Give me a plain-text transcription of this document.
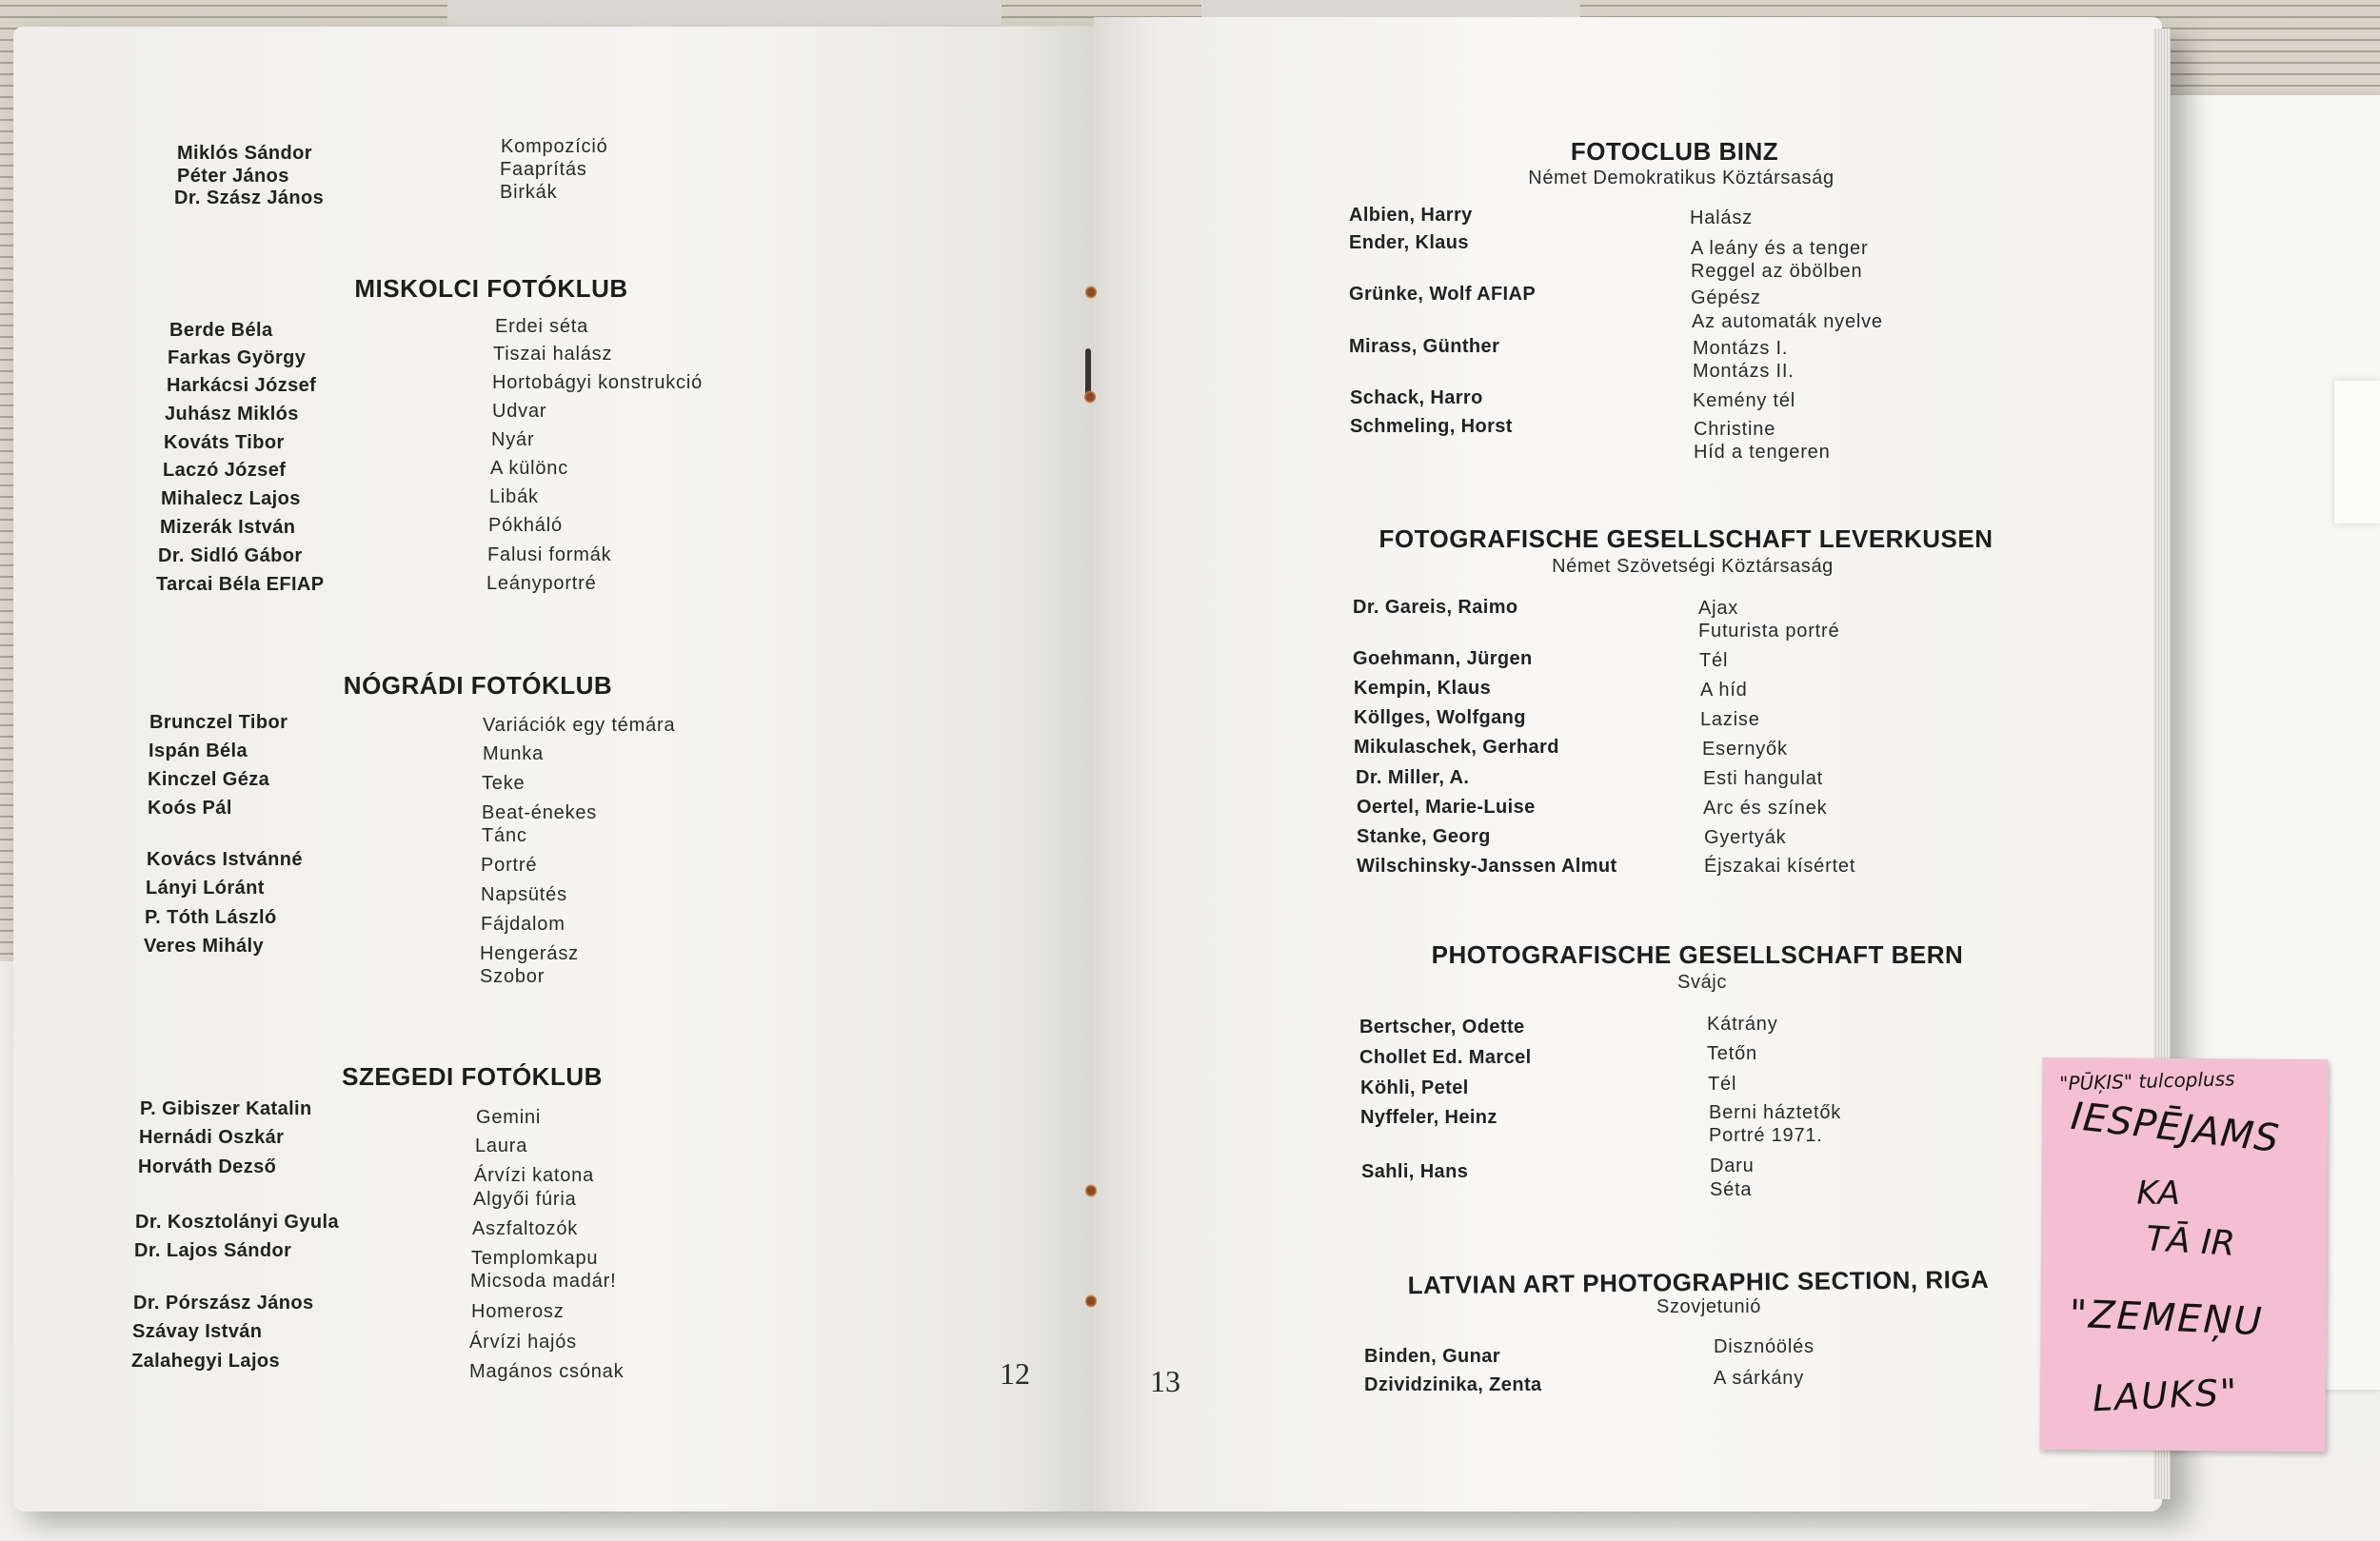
Miklós Sándor
Péter János
Dr. Szász János
Kompozíció
Faaprítás
Birkák
MISKOLCI FOTÓKLUB
Berde Béla
Farkas György
Harkácsi József
Juhász Miklós
Kováts Tibor
Laczó József
Mihalecz Lajos
Mizerák István
Dr. Sidló Gábor
Tarcai Béla EFIAP
Erdei séta
Tiszai halász
Hortobágyi konstrukció
Udvar
Nyár
A különc
Libák
Pókháló
Falusi formák
Leányportré
NÓGRÁDI FOTÓKLUB
Brunczel Tibor
Ispán Béla
Kinczel Géza
Koós Pál
Kovács Istvánné
Lányi Lóránt
P. Tóth László
Veres Mihály
Variációk egy témára
Munka
Teke
Beat-énekes
Tánc
Portré
Napsütés
Fájdalom
Hengerász
Szobor
SZEGEDI FOTÓKLUB
P. Gibiszer Katalin
Hernádi Oszkár
Horváth Dezső
Dr. Kosztolányi Gyula
Dr. Lajos Sándor
Dr. Pórszász János
Szávay István
Zalahegyi Lajos
Gemini
Laura
Árvízi katona
Algyői fúria
Aszfaltozók
Templomkapu
Micsoda madár!
Homerosz
Árvízi hajós
Magános csónak	12	13
FOTOCLUB BINZ
Német Demokratikus Köztársaság
Albien, Harry
Ender, Klaus
Grünke, Wolf AFIAP
Mirass, Günther
Schack, Harro
Schmeling, Horst
Halász
A leány és a tenger
Reggel az öbölben
Gépész
Az automaták nyelve
Montázs I.
Montázs II.
Kemény tél
Christine
Híd a tengeren
FOTOGRAFISCHE GESELLSCHAFT LEVERKUSEN
Német Szövetségi Köztársaság
Dr. Gareis, Raimo
Goehmann, Jürgen
Kempin, Klaus
Köllges, Wolfgang
Mikulaschek, Gerhard
Dr. Miller, A.
Oertel, Marie-Luise
Stanke, Georg
Wilschinsky-Janssen Almut
Ajax
Futurista portré
Tél
A híd
Lazise
Esernyők
Esti hangulat
Arc és színek
Gyertyák
Éjszakai kísértet
PHOTOGRAFISCHE GESELLSCHAFT BERN
Svájc
Bertscher, Odette
Chollet Ed. Marcel
Köhli, Petel
Nyffeler, Heinz
Sahli, Hans
Kátrány
Tetőn
Tél
Berni háztetők
Portré 1971.
Daru
Séta
LATVIAN ART PHOTOGRAPHIC SECTION, RIGA
Szovjetunió
Binden, Gunar
Dzividzinika, Zenta
Disznóölés
A sárkány
"PŪĶIS" tulcopluss
IESPĒJAMS
KA
TĀ IR
"ZEMEŅU
LAUKS"
